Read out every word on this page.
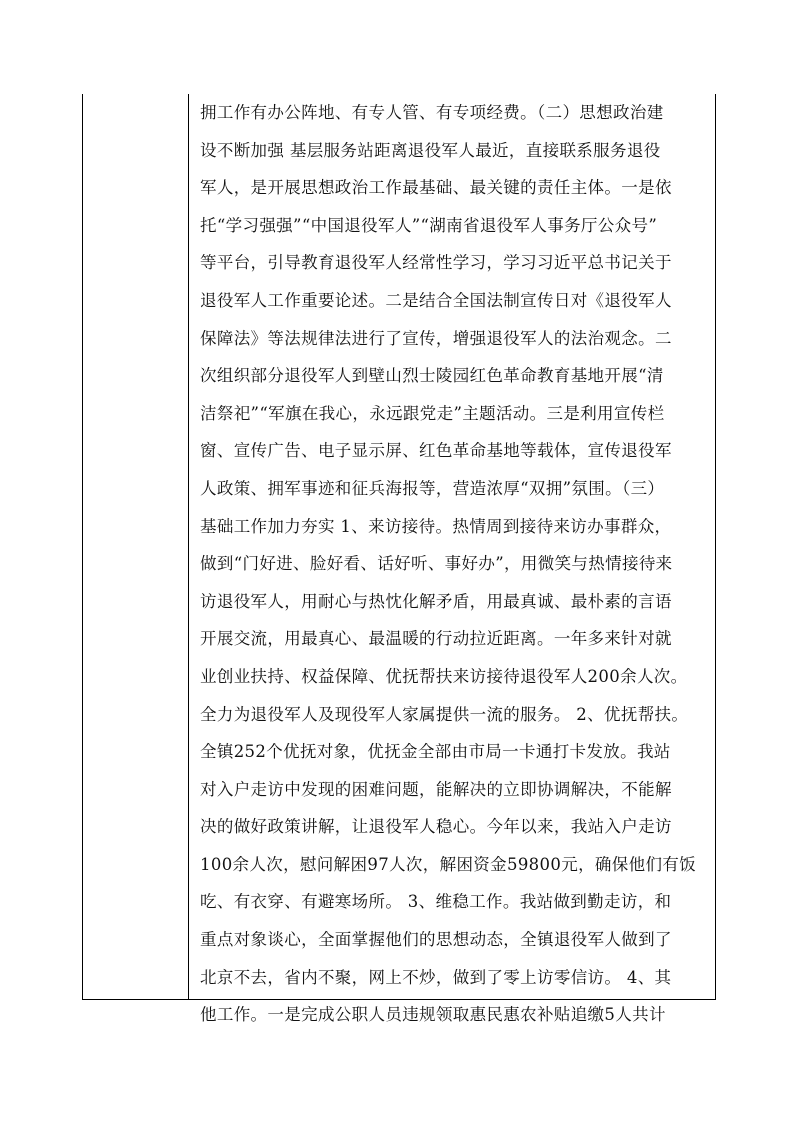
拥工作有办公阵地、有专人管、有专项经费。（二）思想政治建
设不断加强 基层服务站距离退役军人最近，直接联系服务退役
军人，是开展思想政治工作最基础、最关键的责任主体。一是依
托“学习强强”“中国退役军人”“湖南省退役军人事务厅公众号”
等平台，引导教育退役军人经常性学习，学习习近平总书记关于
退役军人工作重要论述。二是结合全国法制宣传日对《退役军人
保障法》等法规律法进行了宣传，增强退役军人的法治观念。二
次组织部分退役军人到壁山烈士陵园红色革命教育基地开展“清
洁祭祀”“军旗在我心，永远跟党走”主题活动。三是利用宣传栏
窗、宣传广告、电子显示屏、红色革命基地等载体，宣传退役军
人政策、拥军事迹和征兵海报等，营造浓厚“双拥”氛围。（三）
基础工作加力夯实 1、来访接待。热情周到接待来访办事群众，
做到“门好进、脸好看、话好听、事好办”，用微笑与热情接待来
访退役军人，用耐心与热忱化解矛盾，用最真诚、最朴素的言语
开展交流，用最真心、最温暖的行动拉近距离。一年多来针对就
业创业扶持、权益保障、优抚帮扶来访接待退役军人200余人次。
全力为退役军人及现役军人家属提供一流的服务。 2、优抚帮扶。
全镇252个优抚对象，优抚金全部由市局一卡通打卡发放。我站
对入户走访中发现的困难问题，能解决的立即协调解决，不能解
决的做好政策讲解，让退役军人稳心。今年以来，我站入户走访
100余人次，慰问解困97人次，解困资金59800元，确保他们有饭
吃、有衣穿、有避寒场所。 3、维稳工作。我站做到勤走访，和
重点对象谈心，全面掌握他们的思想动态，全镇退役军人做到了
北京不去，省内不聚，网上不炒，做到了零上访零信访。 4、其
他工作。一是完成公职人员违规领取惠民惠农补贴追缴5人共计
